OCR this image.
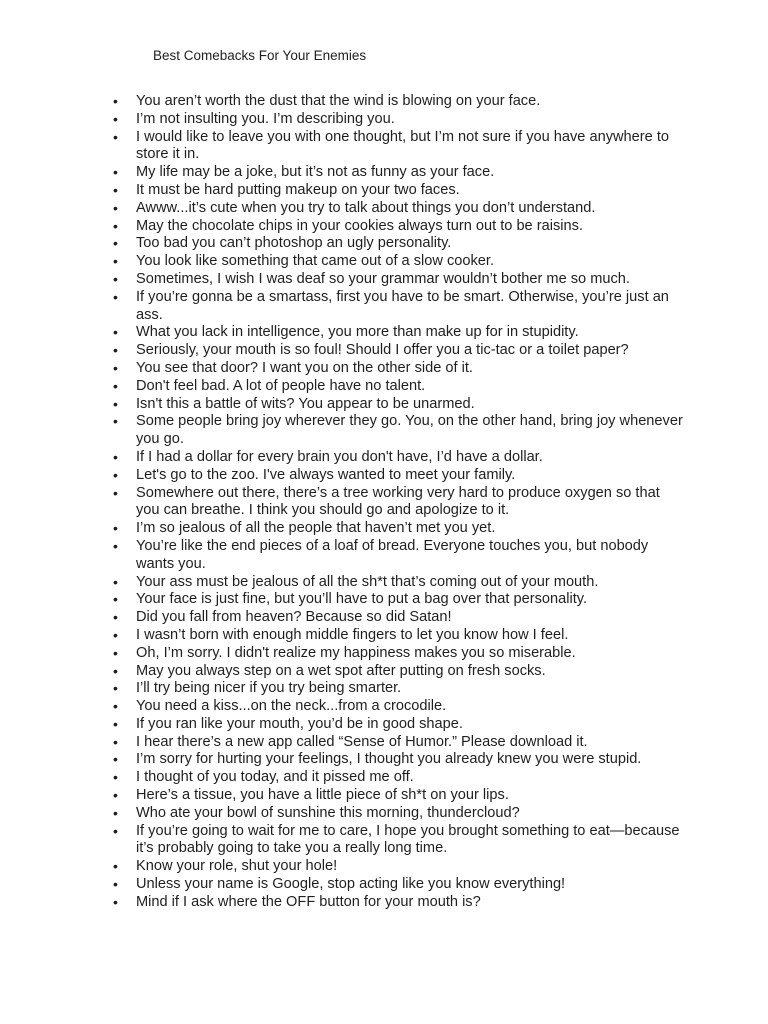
Best Comebacks For Your Enemies
• You aren’t worth the dust that the wind is blowing on your face.
• I’m not insulting you. I’m describing you.
• I would like to leave you with one thought, but I’m not sure if you have anywhere to store it in.
• My life may be a joke, but it’s not as funny as your face.
• It must be hard putting makeup on your two faces.
• Awww...it’s cute when you try to talk about things you don’t understand.
• May the chocolate chips in your cookies always turn out to be raisins.
• Too bad you can’t photoshop an ugly personality.
• You look like something that came out of a slow cooker.
• Sometimes, I wish I was deaf so your grammar wouldn’t bother me so much.
• If you’re gonna be a smartass, first you have to be smart. Otherwise, you’re just an ass.
• What you lack in intelligence, you more than make up for in stupidity.
• Seriously, your mouth is so foul! Should I offer you a tic-tac or a toilet paper?
• You see that door? I want you on the other side of it.
• Don't feel bad. A lot of people have no talent.
• Isn't this a battle of wits? You appear to be unarmed.
• Some people bring joy wherever they go. You, on the other hand, bring joy whenever you go.
• If I had a dollar for every brain you don't have, I’d have a dollar.
• Let's go to the zoo. I've always wanted to meet your family.
• Somewhere out there, there’s a tree working very hard to produce oxygen so that you can breathe. I think you should go and apologize to it.
• I’m so jealous of all the people that haven’t met you yet.
• You’re like the end pieces of a loaf of bread. Everyone touches you, but nobody wants you.
• Your ass must be jealous of all the sh*t that’s coming out of your mouth.
• Your face is just fine, but you’ll have to put a bag over that personality.
• Did you fall from heaven? Because so did Satan!
• I wasn’t born with enough middle fingers to let you know how I feel.
• Oh, I’m sorry. I didn't realize my happiness makes you so miserable.
• May you always step on a wet spot after putting on fresh socks.
• I’ll try being nicer if you try being smarter.
• You need a kiss...on the neck...from a crocodile.
• If you ran like your mouth, you’d be in good shape.
• I hear there’s a new app called “Sense of Humor.” Please download it.
• I’m sorry for hurting your feelings, I thought you already knew you were stupid.
• I thought of you today, and it pissed me off.
• Here’s a tissue, you have a little piece of sh*t on your lips.
• Who ate your bowl of sunshine this morning, thundercloud?
• If you’re going to wait for me to care, I hope you brought something to eat—because it’s probably going to take you a really long time.
• Know your role, shut your hole!
• Unless your name is Google, stop acting like you know everything!
• Mind if I ask where the OFF button for your mouth is?
